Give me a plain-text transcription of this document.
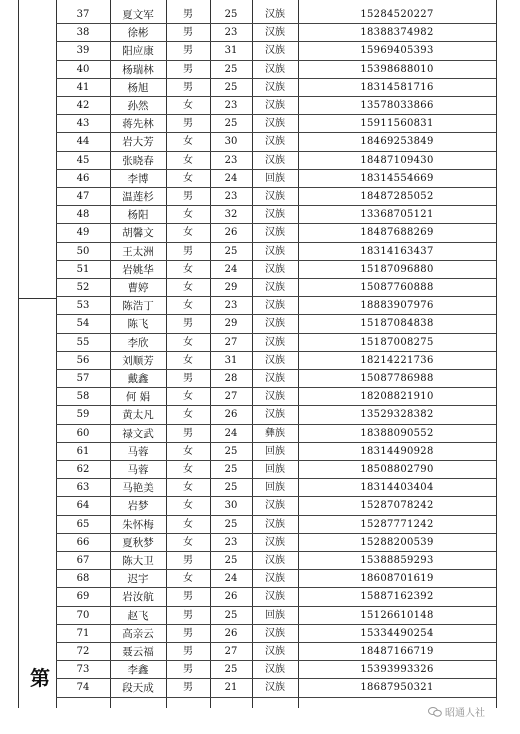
37	夏文军	男	25	汉族	15284520227
38	徐彬	男	23	汉族	18388374982
39	阳应康	男	31	汉族	15969405393
40	杨瑞林	男	25	汉族	15398688010
41	杨旭	男	25	汉族	18314581716
42	孙然	女	23	汉族	13578033866
43	蒋先林	男	25	汉族	15911560831
44	岩大芳	女	30	汉族	18469253849
45	张晓春	女	23	汉族	18487109430
46	李博	女	24	回族	18314554669
47	温莲杉	男	23	汉族	18487285052
48	杨阳	女	32	汉族	13368705121
49	胡馨文	女	26	汉族	18487688269
50	王太洲	男	25	汉族	18314163437
51	岩姚华	女	24	汉族	15187096880
52	曹婷	女	29	汉族	15087760888
53	陈浩丁	女	23	汉族	18883907976
54	陈飞	男	29	汉族	15187084838
55	李欣	女	27	汉族	15187008275
56	刘顺芳	女	31	汉族	18214221736
57	戴鑫	男	28	汉族	15087786988
58	何 娟	女	27	汉族	18208821910
59	黄太凡	女	26	汉族	13529328382
60	禄文武	男	24	彝族	18388090552
61	马蓉	女	25	回族	18314490928
62	马蓉	女	25	回族	18508802790
63	马艳美	女	25	回族	18314403404
64	岩梦	女	30	汉族	15287078242
65	朱怀梅	女	25	汉族	15287771242
66	夏秋梦	女	23	汉族	15288200539
67	陈大卫	男	25	汉族	15388859293
68	迟宇	女	24	汉族	18608701619
69	岩汝航	男	26	汉族	15887162392
70	赵飞	男	25	回族	15126610148
71	高亲云	男	26	汉族	15334490254
72	聂云福	男	27	汉族	18487166719
73	李鑫	男	25	汉族	15393993326
74	段天成	男	21	汉族	18687950321
第
昭通人社
